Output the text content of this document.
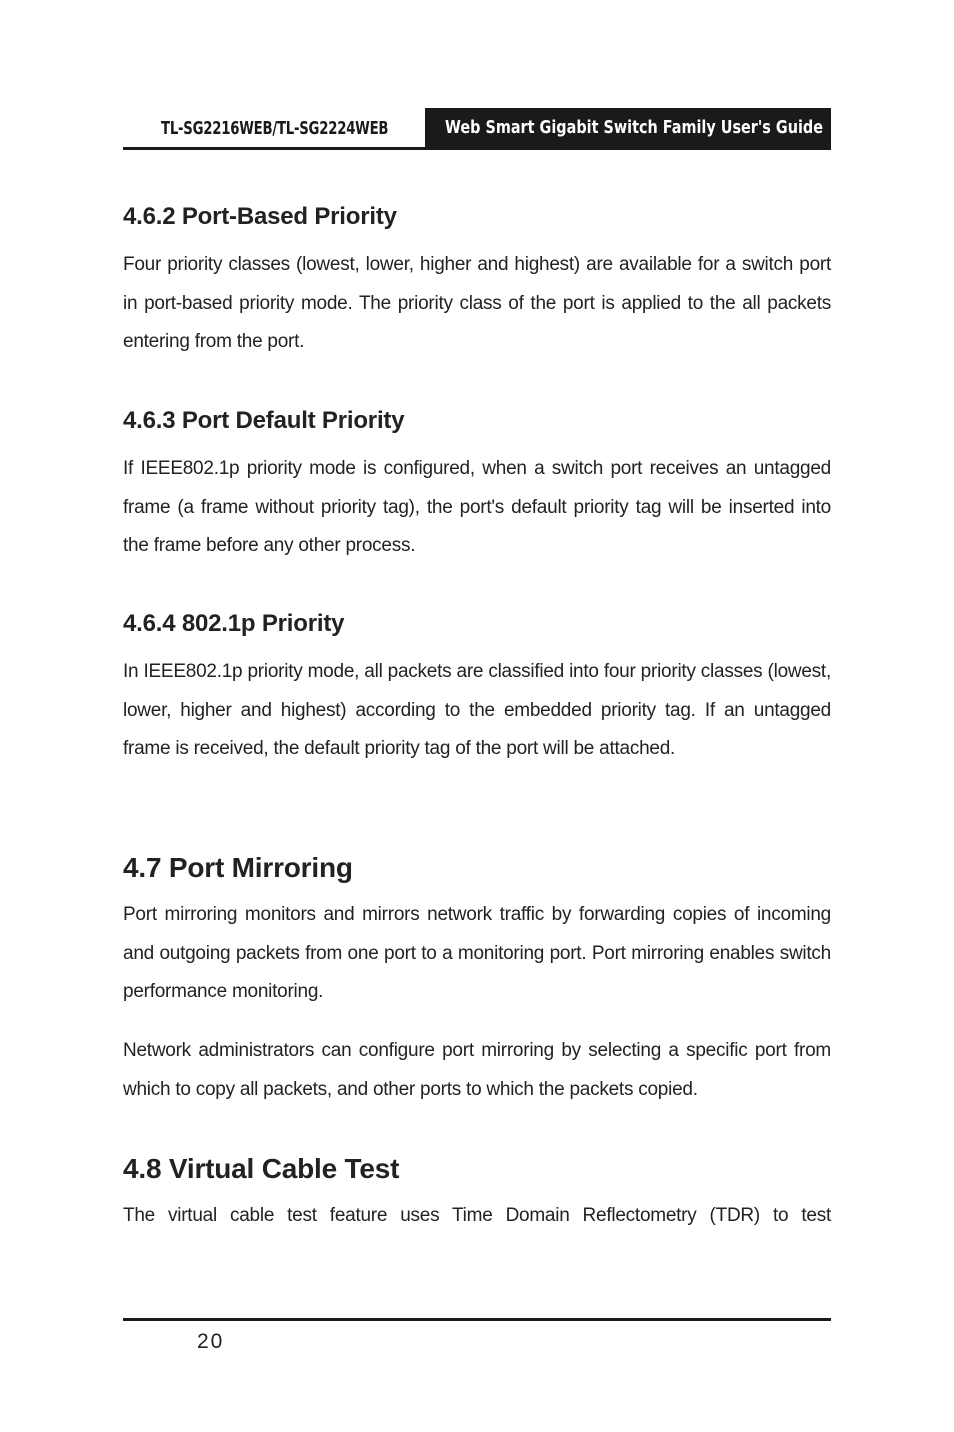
TL-SG2216WEB/TL-SG2224WEB	Web Smart Gigabit Switch Family User's Guide
4.6.2 Port-Based Priority

Four priority classes (lowest, lower, higher and highest) are available for a switch port in port-based priority mode. The priority class of the port is applied to the all packets entering from the port.

4.6.3 Port Default Priority

If IEEE802.1p priority mode is configured, when a switch port receives an untagged frame (a frame without priority tag), the port's default priority tag will be inserted into the frame before any other process.

4.6.4 802.1p Priority

In IEEE802.1p priority mode, all packets are classified into four priority classes (lowest, lower, higher and highest) according to the embedded priority tag. If an untagged frame is received, the default priority tag of the port will be attached.

4.7 Port Mirroring

Port mirroring monitors and mirrors network traffic by forwarding copies of incoming and outgoing packets from one port to a monitoring port. Port mirroring enables switch performance monitoring.

Network administrators can configure port mirroring by selecting a specific port from which to copy all packets, and other ports to which the packets copied.

4.8 Virtual Cable Test

The virtual cable test feature uses Time Domain Reflectometry (TDR) to test

20
